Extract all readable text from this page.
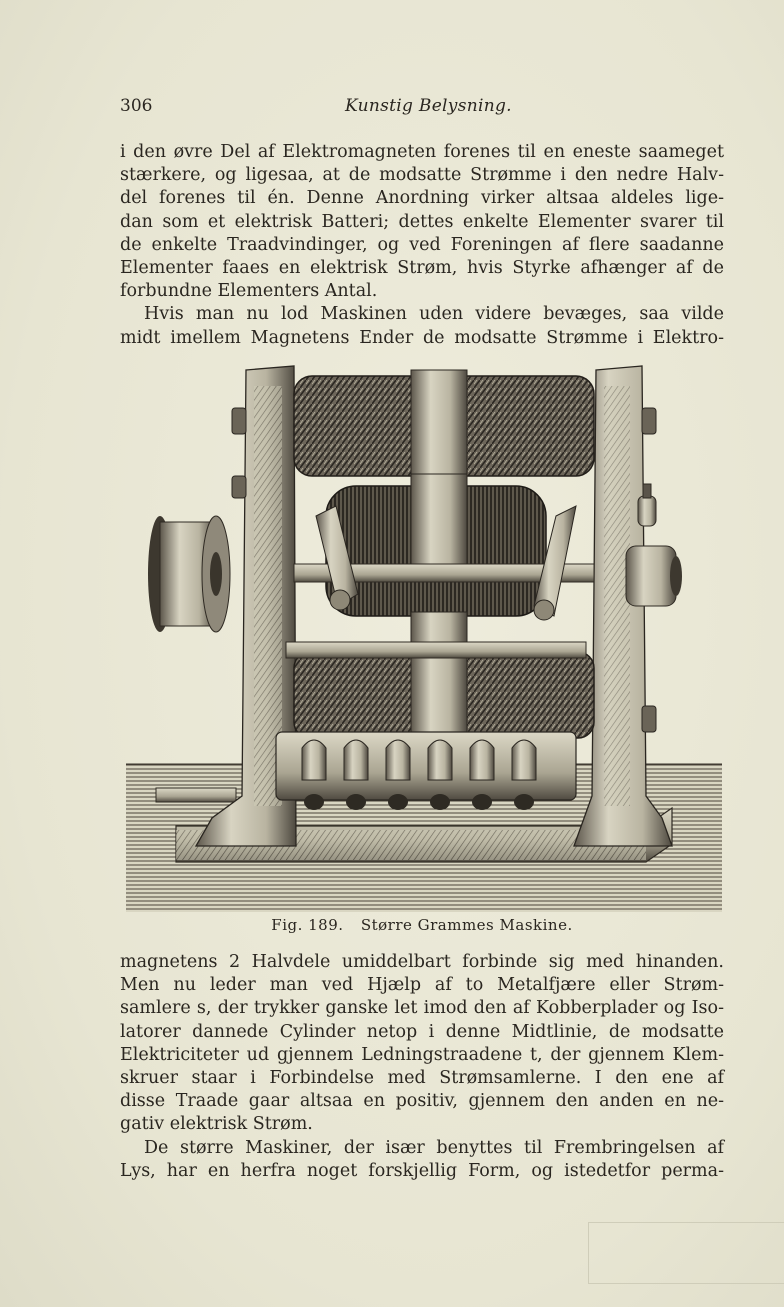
306	Kunstig Belysning.
i den øvre Del af Elektromagneten forenes til en eneste saameget
stærkere, og ligesaa, at de modsatte Strømme i den nedre Halv-
del forenes til én. Denne Anordning virker altsaa aldeles lige-
dan som et elektrisk Batteri; dettes enkelte Elementer svarer til
de enkelte Traadvindinger, og ved Foreningen af flere saadanne
Elementer faaes en elektrisk Strøm, hvis Styrke afhænger af de
forbundne Elementers Antal.
Hvis man nu lod Maskinen uden videre bevæges, saa vilde
midt imellem Magnetens Ender de modsatte Strømme i Elektro-
Fig. 189. Større Grammes Maskine.
magnetens 2 Halvdele umiddelbart forbinde sig med hinanden.
Men nu leder man ved Hjælp af to Metalfjære eller Strøm-
samlere s, der trykker ganske let imod den af Kobberplader og Iso-
latorer dannede Cylinder netop i denne Midtlinie, de modsatte
Elektriciteter ud gjennem Ledningstraadene t, der gjennem Klem-
skruer staar i Forbindelse med Strømsamlerne. I den ene af
disse Traade gaar altsaa en positiv, gjennem den anden en ne-
gativ elektrisk Strøm.
De større Maskiner, der især benyttes til Frembringelsen af
Lys, har en herfra noget forskjellig Form, og istedetfor perma-
